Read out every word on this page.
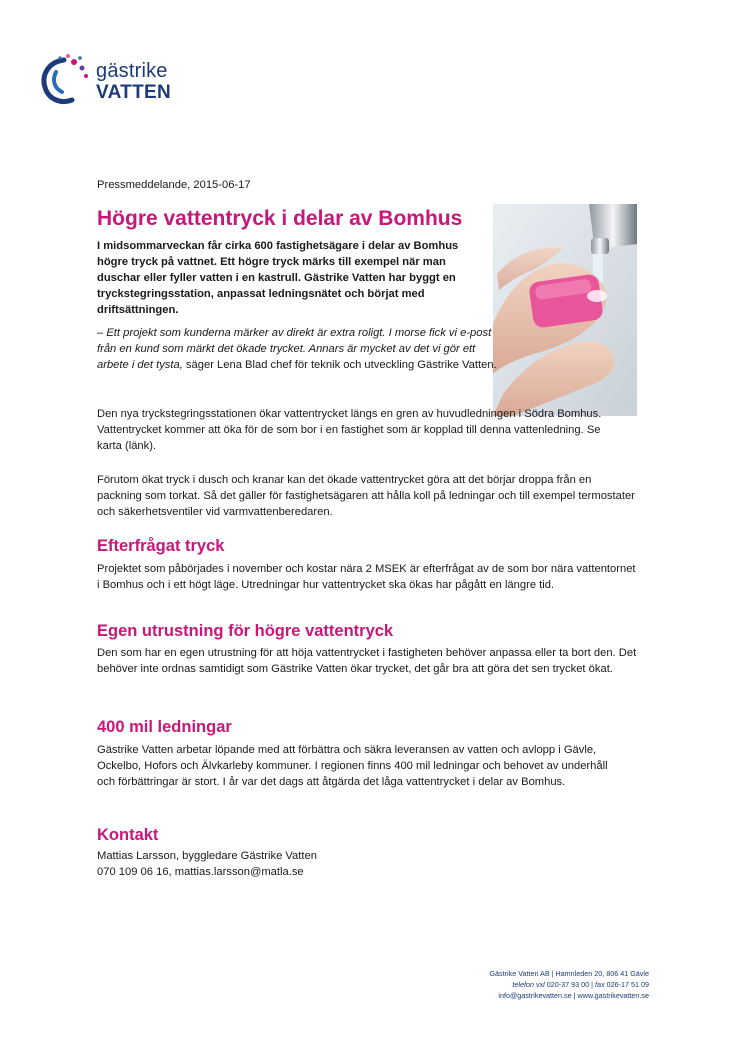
gästrike
VATTEN
Pressmeddelande, 2015-06-17
Högre vattentryck i delar av Bomhus
I midsommarveckan får cirka 600 fastighetsägare i delar av Bomhus högre tryck på vattnet. Ett högre tryck märks till exempel när man duschar eller fyller vatten i en kastrull. Gästrike Vatten har byggt en tryckstegringsstation, anpassat ledningsnätet och börjat med driftsättningen.
– Ett projekt som kunderna märker av direkt är extra roligt. I morse fick vi e-post från en kund som märkt det ökade trycket. Annars är mycket av det vi gör ett arbete i det tysta, säger Lena Blad chef för teknik och utveckling Gästrike Vatten.
Den nya tryckstegringsstationen ökar vattentrycket längs en gren av huvudledningen i Södra Bomhus. Vattentrycket kommer att öka för de som bor i en fastighet som är kopplad till denna vattenledning. Se karta (länk).
Förutom ökat tryck i dusch och kranar kan det ökade vattentrycket göra att det börjar droppa från en packning som torkat. Så det gäller för fastighetsägaren att hålla koll på ledningar och till exempel termostater och säkerhetsventiler vid varmvattenberedaren.
Efterfrågat tryck
Projektet som påbörjades i november och kostar nära 2 MSEK är efterfrågat av de som bor nära vattentornet i Bomhus och i ett högt läge. Utredningar hur vattentrycket ska ökas har pågått en längre tid.
Egen utrustning för högre vattentryck
Den som har en egen utrustning för att höja vattentrycket i fastigheten behöver anpassa eller ta bort den. Det behöver inte ordnas samtidigt som Gästrike Vatten ökar trycket, det går bra att göra det sen trycket ökat.
400 mil ledningar
Gästrike Vatten arbetar löpande med att förbättra och säkra leveransen av vatten och avlopp i Gävle, Ockelbo, Hofors och Älvkarleby kommuner. I regionen finns 400 mil ledningar och behovet av underhåll och förbättringar är stort. I år var det dags att åtgärda det låga vattentrycket i delar av Bomhus.
Kontakt
Mattias Larsson, byggledare Gästrike Vatten
070 109 06 16, mattias.larsson@matla.se
Gästrike Vatten AB | Hamnleden 20, 806 41 Gävle
telefon vxl 020-37 93 00 | fax 026-17 51 09
info@gastrikevatten.se | www.gastrikevatten.se
